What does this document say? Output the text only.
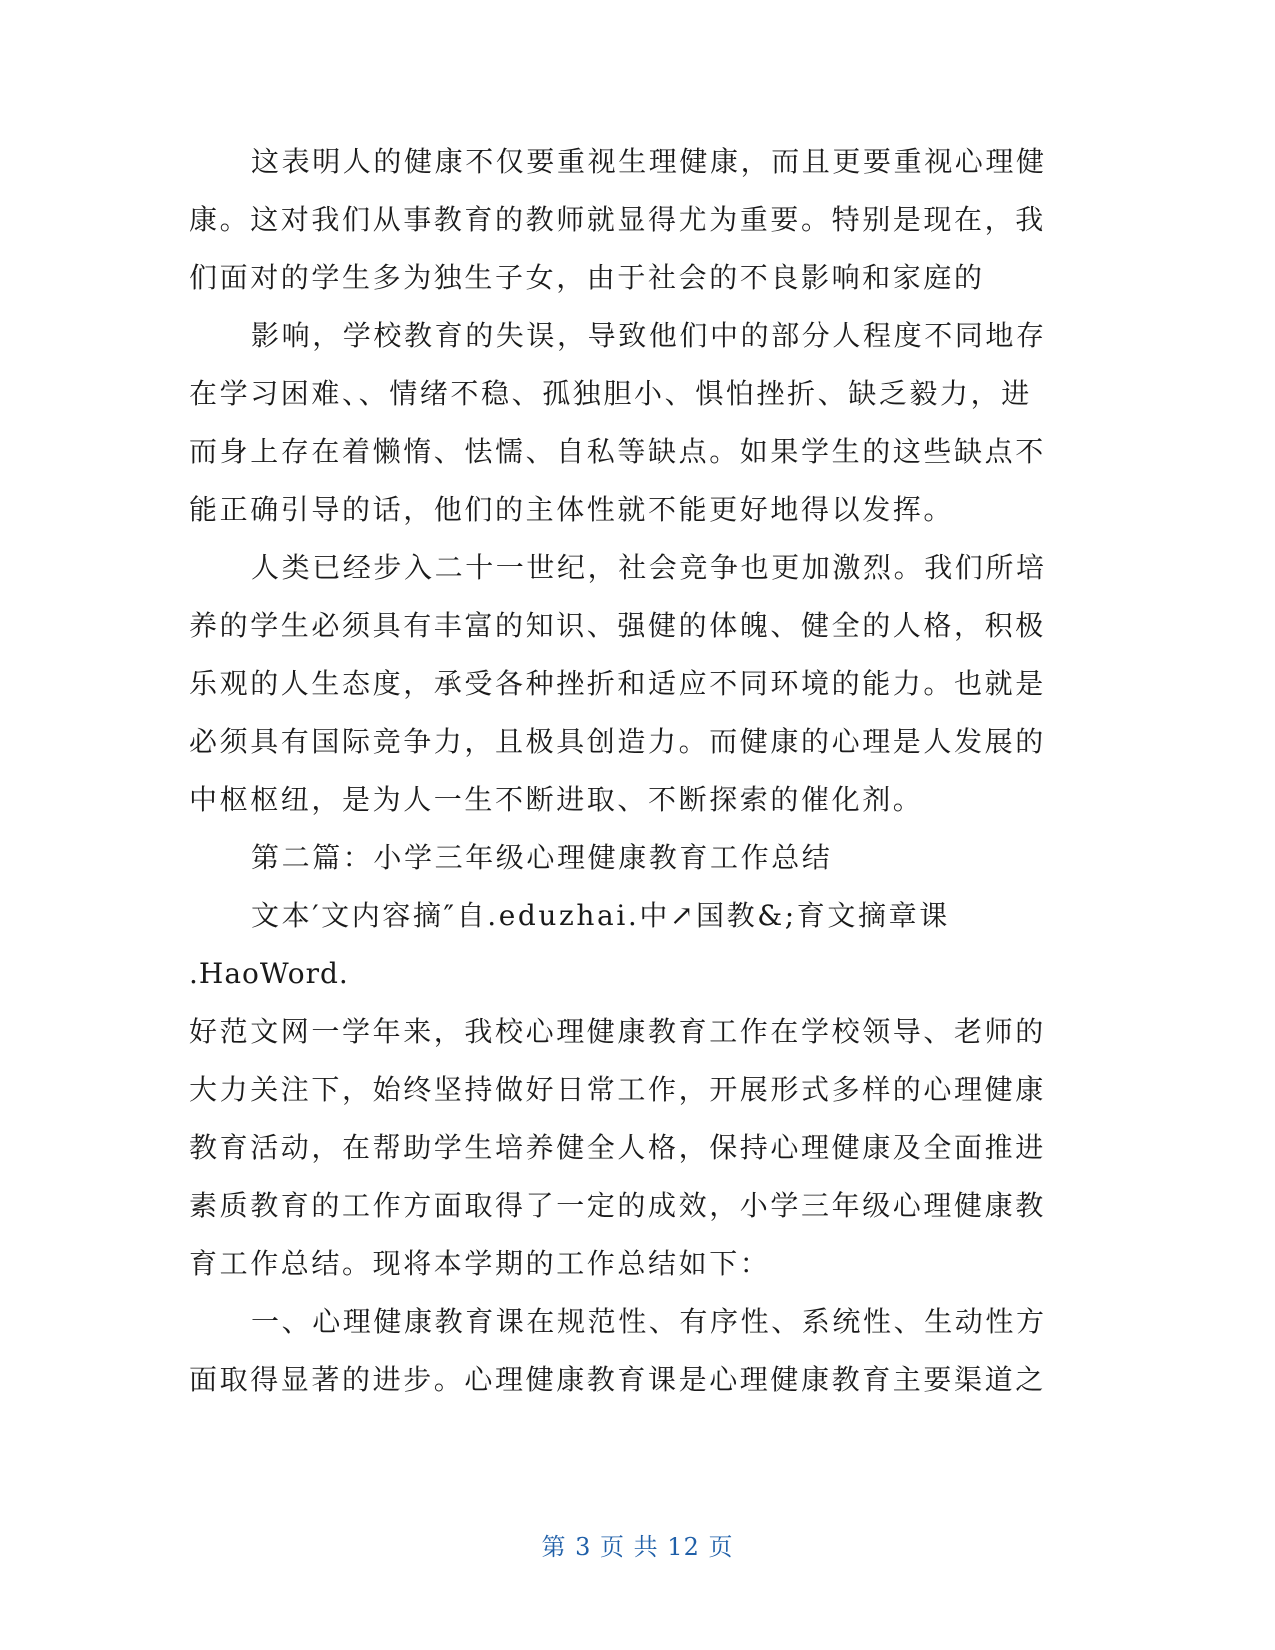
这表明人的健康不仅要重视生理健康，而且更要重视心理健
康。这对我们从事教育的教师就显得尤为重要。特别是现在，我
们面对的学生多为独生子女，由于社会的不良影响和家庭的
影响，学校教育的失误，导致他们中的部分人程度不同地存
在学习困难、、情绪不稳、孤独胆小、惧怕挫折、缺乏毅力，进
而身上存在着懒惰、怯懦、自私等缺点。如果学生的这些缺点不
能正确引导的话，他们的主体性就不能更好地得以发挥。
人类已经步入二十一世纪，社会竞争也更加激烈。我们所培
养的学生必须具有丰富的知识、强健的体魄、健全的人格，积极
乐观的人生态度，承受各种挫折和适应不同环境的能力。也就是
必须具有国际竞争力，且极具创造力。而健康的心理是人发展的
中枢枢纽，是为人一生不断进取、不断探索的催化剂。
第二篇：小学三年级心理健康教育工作总结
文本′文内容摘″自.eduzhai.中↗国教&;育文摘章课
.HaoWord.
好范文网一学年来，我校心理健康教育工作在学校领导、老师的
大力关注下，始终坚持做好日常工作，开展形式多样的心理健康
教育活动，在帮助学生培养健全人格，保持心理健康及全面推进
素质教育的工作方面取得了一定的成效，小学三年级心理健康教
育工作总结。现将本学期的工作总结如下：
一、心理健康教育课在规范性、有序性、系统性、生动性方
面取得显著的进步。心理健康教育课是心理健康教育主要渠道之
第 3 页 共 12 页
